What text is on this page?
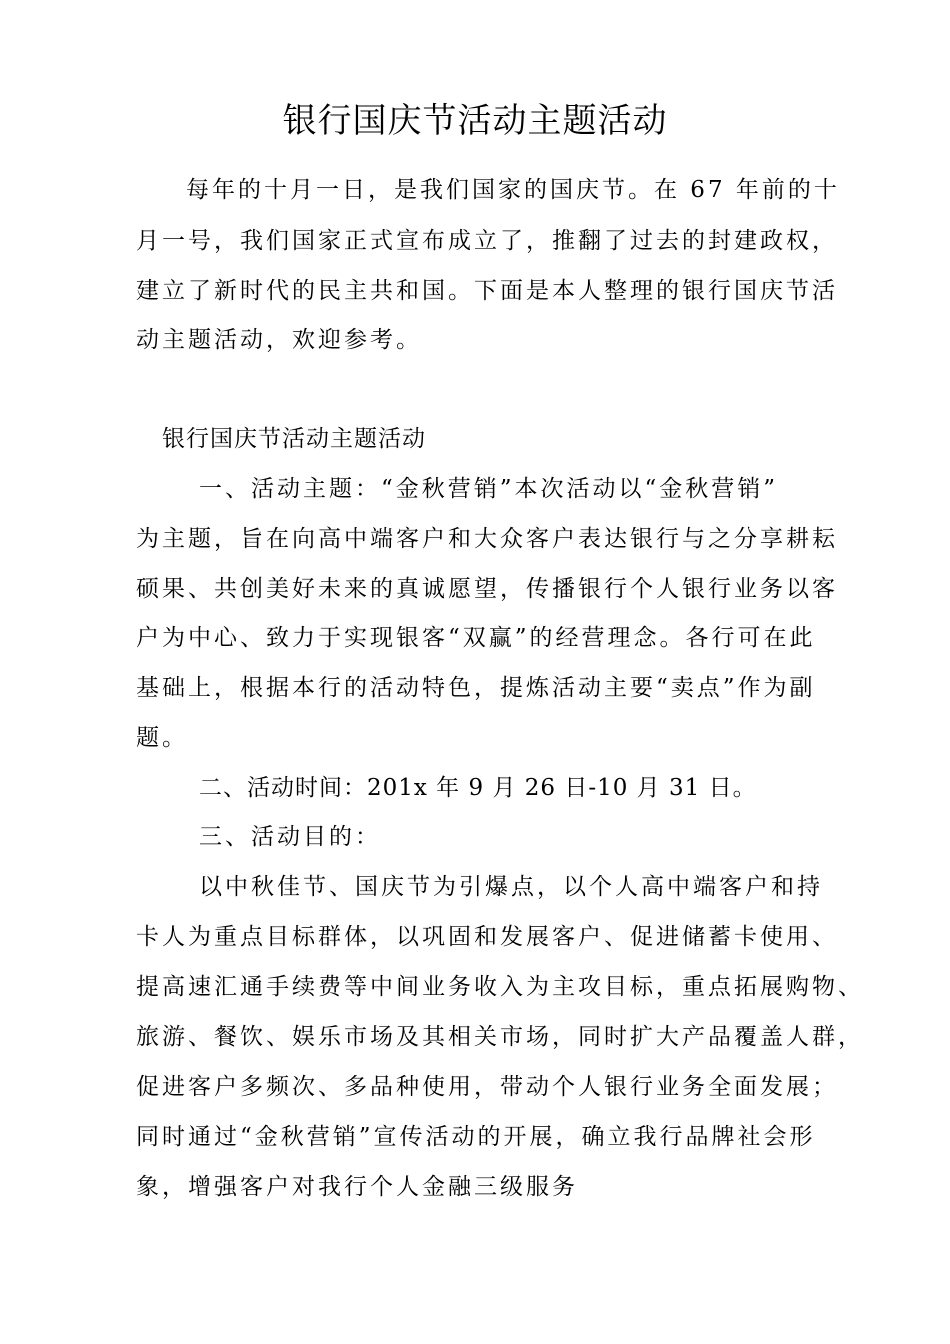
银行国庆节活动主题活动
每年的十月一日，是我们国家的国庆节。在 67 年前的十
月一号，我们国家正式宣布成立了，推翻了过去的封建政权，
建立了新时代的民主共和国。下面是本人整理的银行国庆节活
动主题活动，欢迎参考。
银行国庆节活动主题活动
一、活动主题：“金秋营销”本次活动以“金秋营销”
为主题，旨在向高中端客户和大众客户表达银行与之分享耕耘
硕果、共创美好未来的真诚愿望，传播银行个人银行业务以客
户为中心、致力于实现银客“双赢”的经营理念。各行可在此
基础上，根据本行的活动特色，提炼活动主要“卖点”作为副
题。
二、活动时间：201x 年 9 月 26 日-10 月 31 日。
三、活动目的：
以中秋佳节、国庆节为引爆点，以个人高中端客户和持
卡人为重点目标群体，以巩固和发展客户、促进储蓄卡使用、
提高速汇通手续费等中间业务收入为主攻目标，重点拓展购物、
旅游、餐饮、娱乐市场及其相关市场，同时扩大产品覆盖人群，
促进客户多频次、多品种使用，带动个人银行业务全面发展；
同时通过“金秋营销”宣传活动的开展，确立我行品牌社会形
象，增强客户对我行个人金融三级服务
